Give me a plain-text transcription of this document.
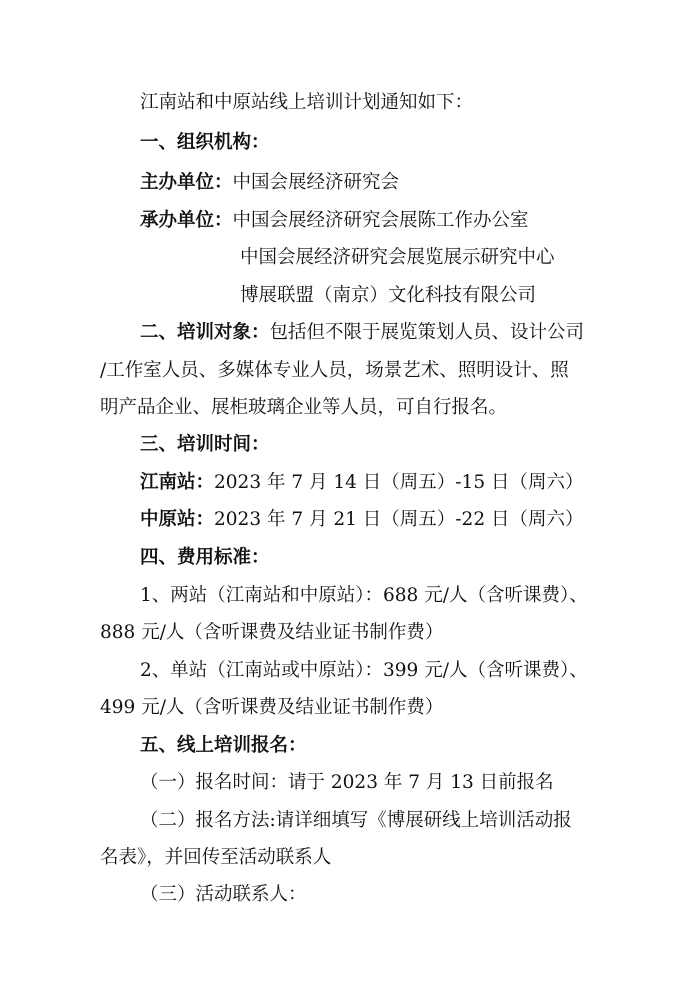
江南站和中原站线上培训计划通知如下：
一、组织机构：
主办单位：中国会展经济研究会
承办单位：中国会展经济研究会展陈工作办公室
中国会展经济研究会展览展示研究中心
博展联盟（南京）文化科技有限公司
二、培训对象：包括但不限于展览策划人员、设计公司
/工作室人员、多媒体专业人员，场景艺术、照明设计、照
明产品企业、展柜玻璃企业等人员，可自行报名。
三、培训时间：
江南站：2023 年 7 月 14 日（周五）-15 日（周六）
中原站：2023 年 7 月 21 日（周五）-22 日（周六）
四、费用标准：
1、两站（江南站和中原站）：688 元/人（含听课费）、
888 元/人（含听课费及结业证书制作费）
2、单站（江南站或中原站）：399 元/人（含听课费）、
499 元/人（含听课费及结业证书制作费）
五、线上培训报名：
（一）报名时间：请于 2023 年 7 月 13 日前报名
（二）报名方法:请详细填写《博展研线上培训活动报
名表》，并回传至活动联系人
（三）活动联系人：
